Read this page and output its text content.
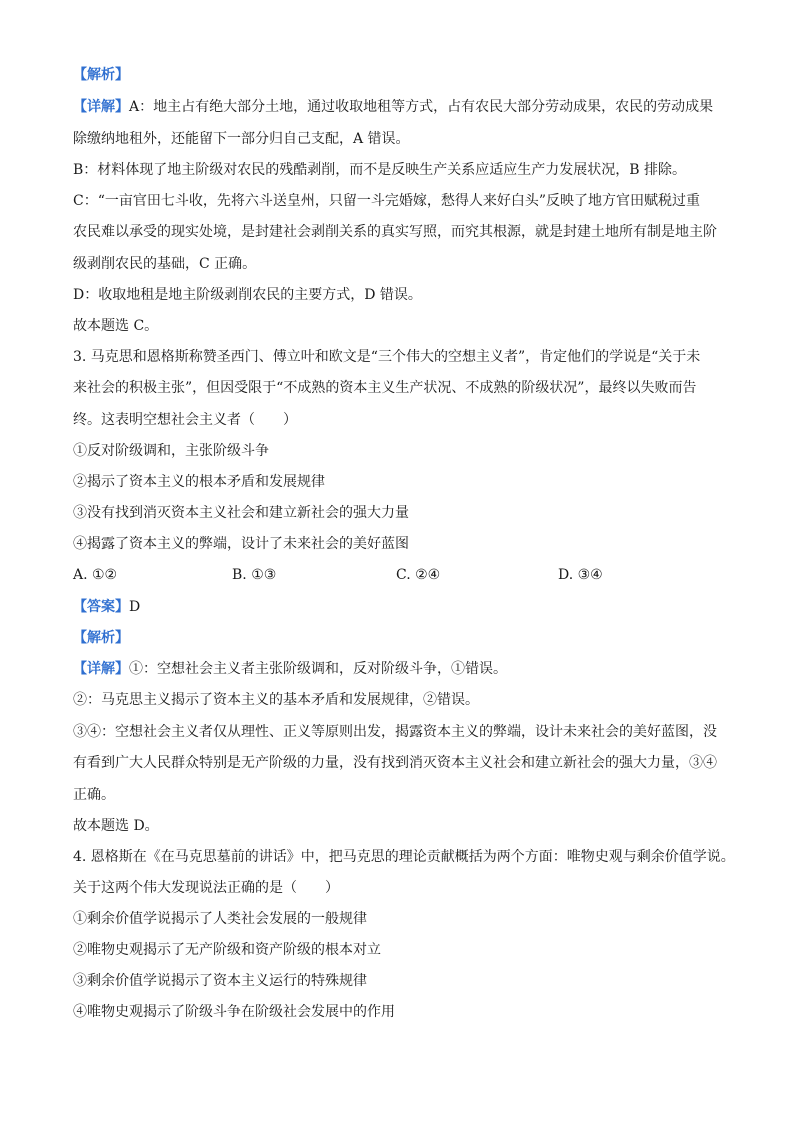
【解析】
【详解】A：地主占有绝大部分土地，通过收取地租等方式，占有农民大部分劳动成果，农民的劳动成果
除缴纳地租外，还能留下一部分归自己支配，A 错误。
B：材料体现了地主阶级对农民的残酷剥削，而不是反映生产关系应适应生产力发展状况，B 排除。
C：“一亩官田七斗收，先将六斗送皇州，只留一斗完婚嫁，愁得人来好白头”反映了地方官田赋税过重
农民难以承受的现实处境，是封建社会剥削关系的真实写照，而究其根源，就是封建土地所有制是地主阶
级剥削农民的基础，C 正确。
D：收取地租是地主阶级剥削农民的主要方式，D 错误。
故本题选 C。
3. 马克思和恩格斯称赞圣西门、傅立叶和欧文是“三个伟大的空想主义者”，肯定他们的学说是“关于未
来社会的积极主张”，但因受限于“不成熟的资本主义生产状况、不成熟的阶级状况”，最终以失败而告
终。这表明空想社会主义者（　　）
①反对阶级调和，主张阶级斗争
②揭示了资本主义的根本矛盾和发展规律
③没有找到消灭资本主义社会和建立新社会的强大力量
④揭露了资本主义的弊端，设计了未来社会的美好蓝图
A. ①②	B. ①③	C. ②④	D. ③④
【答案】D
【解析】
【详解】①：空想社会主义者主张阶级调和，反对阶级斗争，①错误。
②：马克思主义揭示了资本主义的基本矛盾和发展规律，②错误。
③④：空想社会主义者仅从理性、正义等原则出发，揭露资本主义的弊端，设计未来社会的美好蓝图，没
有看到广大人民群众特别是无产阶级的力量，没有找到消灭资本主义社会和建立新社会的强大力量，③④
正确。
故本题选 D。
4. 恩格斯在《在马克思墓前的讲话》中，把马克思的理论贡献概括为两个方面：唯物史观与剩余价值学说。
关于这两个伟大发现说法正确的是（　　）
①剩余价值学说揭示了人类社会发展的一般规律
②唯物史观揭示了无产阶级和资产阶级的根本对立
③剩余价值学说揭示了资本主义运行的特殊规律
④唯物史观揭示了阶级斗争在阶级社会发展中的作用
